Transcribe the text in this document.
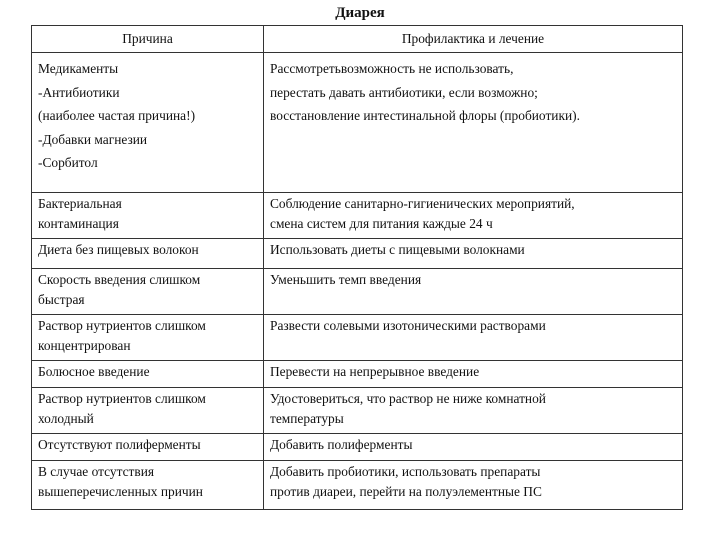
Диарея
Причина	Профилактика и лечение

Медикаменты
-Антибиотики
(наиболее частая причина!)
-Добавки магнезии
-Сорбитол	Рассмотретьвозможность не использовать,
перестать давать антибиотики, если возможно;
восстановление интестинальной флоры (пробиотики).

Бактериальная
контаминация	Соблюдение санитарно-гигиенических мероприятий,
смена систем для питания каждые 24 ч

Диета без пищевых волокон	Использовать диеты с пищевыми волокнами

Скорость введения слишком
быстрая	Уменьшить темп введения

Раствор нутриентов слишком
концентрирован	Развести солевыми изотоническими растворами

Болюсное введение	Перевести на непрерывное введение

Раствор нутриентов слишком
холодный	Удостовериться, что раствор не ниже комнатной
температуры

Отсутствуют полиферменты	Добавить полиферменты

В случае отсутствия
вышеперечисленных причин	Добавить пробиотики, использовать препараты
против диареи, перейти на полуэлементные ПС
